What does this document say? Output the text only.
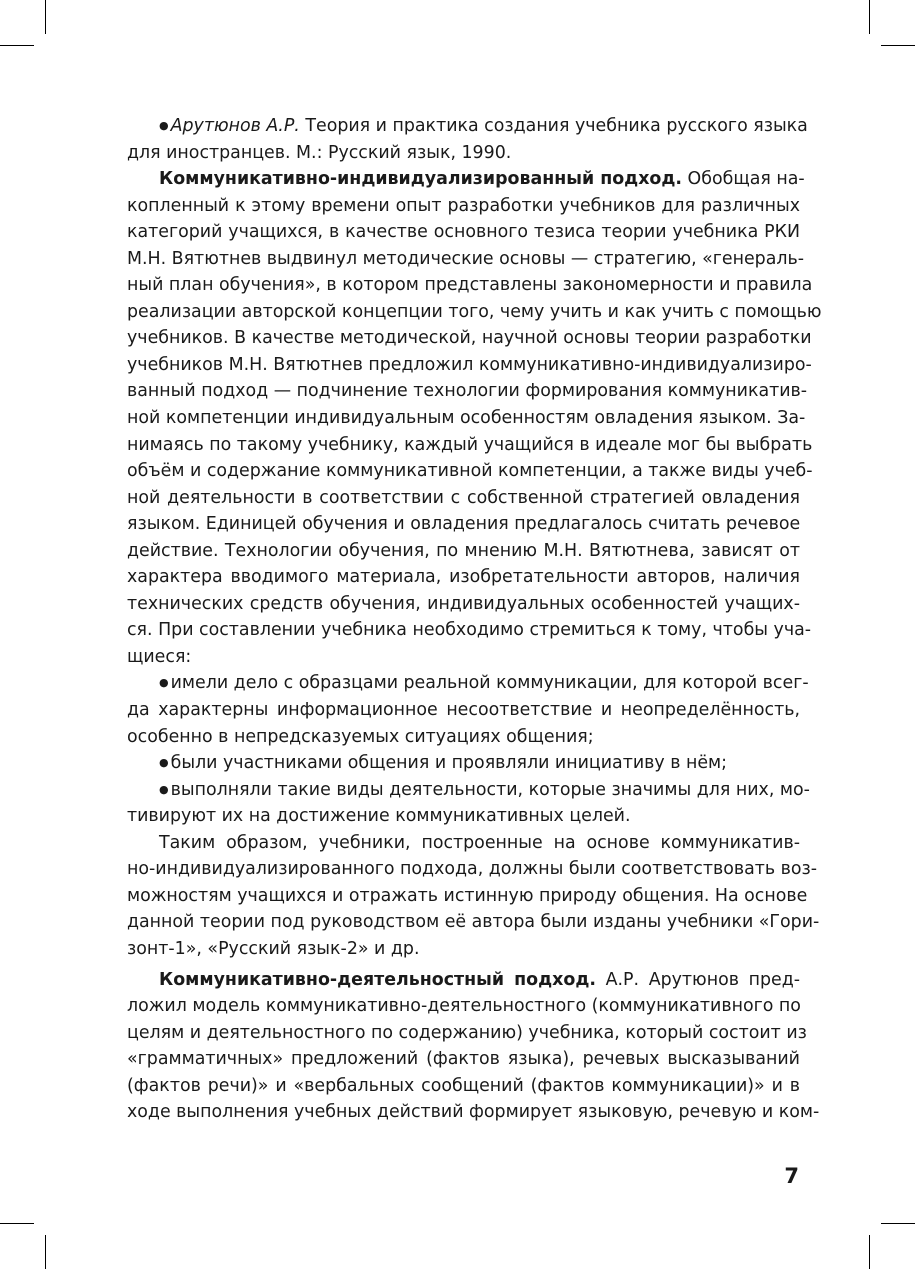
● Арутюнов А.Р. Теория и практика создания учебника русского языка
для иностранцев. М.: Русский язык, 1990.
Коммуникативно-индивидуализированный подход. Обобщая на-
копленный к этому времени опыт разработки учебников для различных
категорий учащихся, в качестве основного тезиса теории учебника РКИ
М.Н. Вятютнев выдвинул методические основы — стратегию, «генераль-
ный план обучения», в котором представлены закономерности и правила
реализации авторской концепции того, чему учить и как учить с помощью
учебников. В качестве методической, научной основы теории разработки
учебников М.Н. Вятютнев предложил коммуникативно-индивидуализиро-
ванный подход — подчинение технологии формирования коммуникатив-
ной компетенции индивидуальным особенностям овладения языком. За-
нимаясь по такому учебнику, каждый учащийся в идеале мог бы выбрать
объём и содержание коммуникативной компетенции, а также виды учеб-
ной деятельности в соответствии с собственной стратегией овладения
языком. Единицей обучения и овладения предлагалось считать речевое
действие. Технологии обучения, по мнению М.Н. Вятютнева, зависят от
характера вводимого материала, изобретательности авторов, наличия
технических средств обучения, индивидуальных особенностей учащих-
ся. При составлении учебника необходимо стремиться к тому, чтобы уча-
щиеся:
● имели дело с образцами реальной коммуникации, для которой всег-
да характерны информационное несоответствие и неопределённость,
особенно в непредсказуемых ситуациях общения;
● были участниками общения и проявляли инициативу в нём;
● выполняли такие виды деятельности, которые значимы для них, мо-
тивируют их на достижение коммуникативных целей.
Таким образом, учебники, построенные на основе коммуникатив-
но-индивидуализированного подхода, должны были соответствовать воз-
можностям учащихся и отражать истинную природу общения. На основе
данной теории под руководством её автора были изданы учебники «Гори-
зонт-1», «Русский язык-2» и др.
Коммуникативно-деятельностный подход. А.Р. Арутюнов пред-
ложил модель коммуникативно-деятельностного (коммуникативного по
целям и деятельностного по содержанию) учебника, который состоит из
«грамматичных» предложений (фактов языка), речевых высказываний
(фактов речи)» и «вербальных сообщений (фактов коммуникации)» и в
ходе выполнения учебных действий формирует языковую, речевую и ком-
7
